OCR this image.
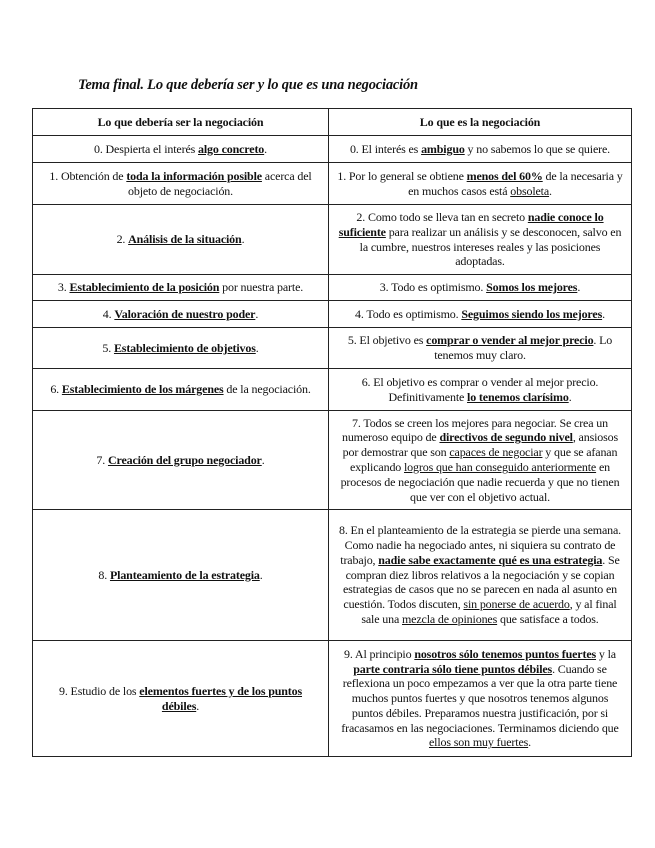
Tema final. Lo que debería ser y lo que es una negociación
Lo que debería ser la negociación	Lo que es la negociación
0. Despierta el interés algo concreto.	0. El interés es ambiguo y no sabemos lo que se quiere.
1. Obtención de toda la información posible acerca del objeto de negociación.	1. Por lo general se obtiene menos del 60% de la necesaria y en muchos casos está obsoleta.
2. Análisis de la situación.	2. Como todo se lleva tan en secreto nadie conoce lo suficiente para realizar un análisis y se desconocen, salvo en la cumbre, nuestros intereses reales y las posiciones adoptadas.
3. Establecimiento de la posición por nuestra parte.	3. Todo es optimismo. Somos los mejores.
4. Valoración de nuestro poder.	4. Todo es optimismo. Seguimos siendo los mejores.
5. Establecimiento de objetivos.	5. El objetivo es comprar o vender al mejor precio. Lo tenemos muy claro.
6. Establecimiento de los márgenes de la negociación.	6. El objetivo es comprar o vender al mejor precio. Definitivamente lo tenemos clarísimo.
7. Creación del grupo negociador.	7. Todos se creen los mejores para negociar. Se crea un numeroso equipo de directivos de segundo nivel, ansiosos por demostrar que son capaces de negociar y que se afanan explicando logros que han conseguido anteriormente en procesos de negociación que nadie recuerda y que no tienen que ver con el objetivo actual.
8. Planteamiento de la estrategia.	8. En el planteamiento de la estrategia se pierde una semana. Como nadie ha negociado antes, ni siquiera su contrato de trabajo, nadie sabe exactamente qué es una estrategia. Se compran diez libros relativos a la negociación y se copian estrategias de casos que no se parecen en nada al asunto en cuestión. Todos discuten, sin ponerse de acuerdo, y al final sale una mezcla de opiniones que satisface a todos.
9. Estudio de los elementos fuertes y de los puntos débiles.	9. Al principio nosotros sólo tenemos puntos fuertes y la parte contraria sólo tiene puntos débiles. Cuando se reflexiona un poco empezamos a ver que la otra parte tiene muchos puntos fuertes y que nosotros tenemos algunos puntos débiles. Preparamos nuestra justificación, por si fracasamos en las negociaciones. Terminamos diciendo que ellos son muy fuertes.
